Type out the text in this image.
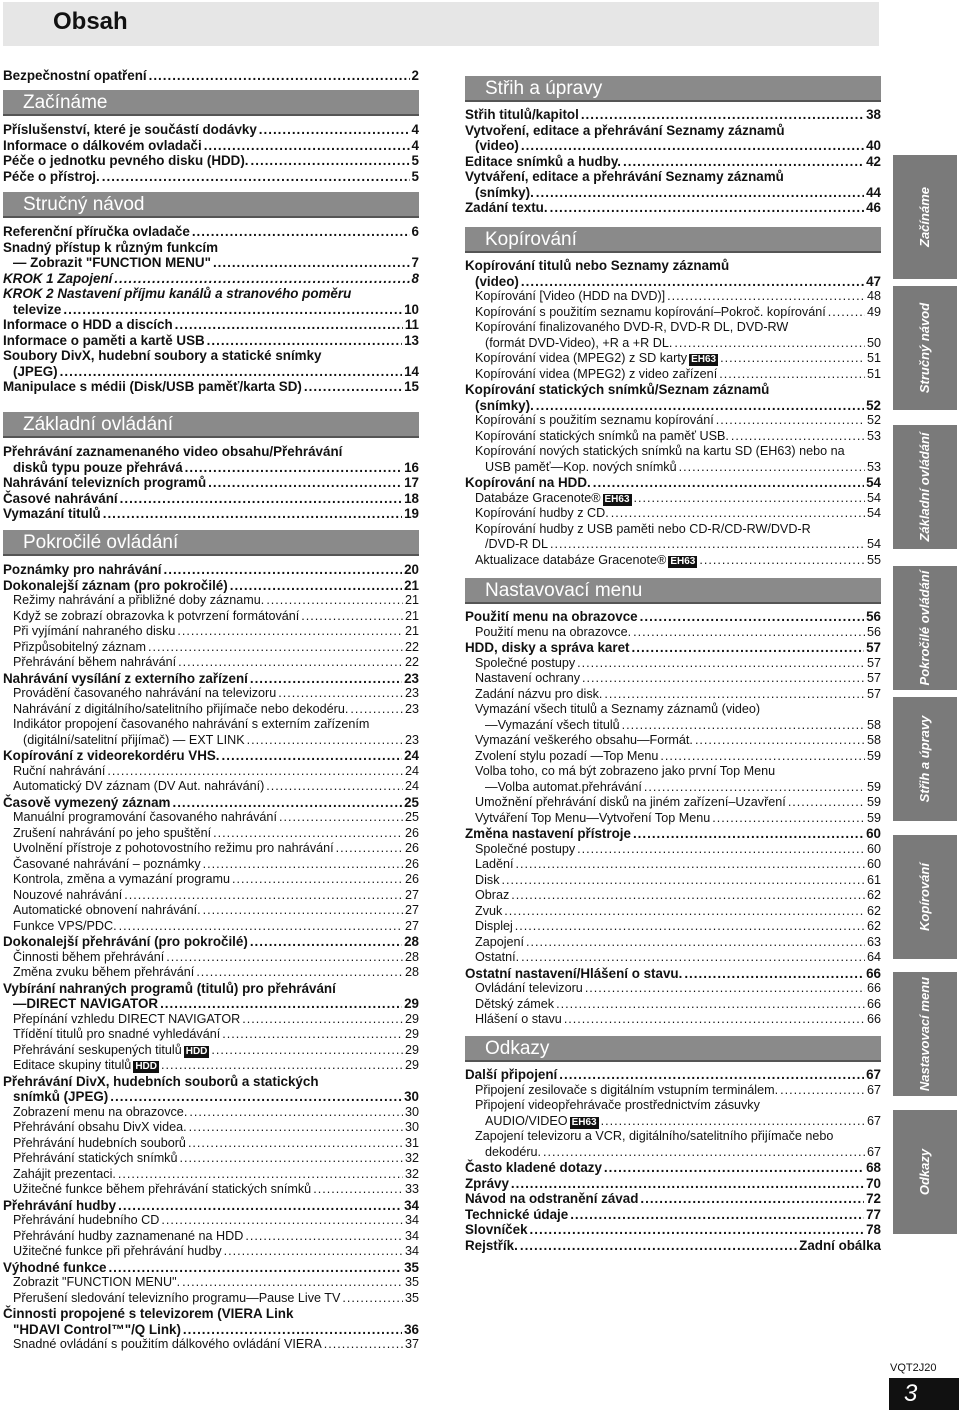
Obsah
Bezpečnostní opatření .....	2
Začínáme
Příslušenství, které je součástí dodávky .....	4
Informace o dálkovém ovladači .....	4
Péče o jednotku pevného disku (HDD). .....	5
Péče o přístroj. .....	5
Stručný návod
Referenční příručka ovladače .....	6
Snadný přístup k různým funkcím
— Zobrazit "FUNCTION MENU" .....	7
KROK 1 Zapojení .....	8
KROK 2 Nastavení příjmu kanálů a stranového poměru
televize .....	10
Informace o HDD a discích .....	11
Informace o paměti a kartě USB .....	13
Soubory DivX, hudební soubory a statické snímky
(JPEG) .....	14
Manipulace s médii (Disk/USB paměť/karta SD) .....	15
Základní ovládání
Přehrávání zaznamenaného video obsahu/Přehrávání
disků typu pouze přehrává .....	16
Nahrávání televizních programů .....	17
Časové nahrávání .....	18
Vymazání titulů .....	19
Pokročilé ovládání
Poznámky pro nahrávání .....	20
Dokonalejší záznam (pro pokročilé) .....	21
Režimy nahrávání a přibližné doby záznamu. .....	21
Když se zobrazí obrazovka k potvrzení formátování .....	21
Při vyjímání nahraného disku .....	21
Přizpůsobitelný záznam .....	22
Přehrávání během nahrávání .....	22
Nahrávání vysílání z externího zařízení .....	23
Provádění časovaného nahrávání na televizoru .....	23
Nahrávání z digitálního/satelitního přijímače nebo dekodéru. .....	23
Indikátor propojení časovaného nahrávání s externím zařízením
(digitální/satelitní přijímač) — EXT LINK .....	23
Kopírování z videorekordéru VHS. .....	24
Ruční nahrávání .....	24
Automatický DV záznam (DV Aut. nahrávání) .....	24
Časově vymezený záznam .....	25
Manuální programování časovaného nahrávání .....	25
Zrušení nahrávání po jeho spuštění .....	26
Uvolnění přístroje z pohotovostního režimu pro nahrávání .....	26
Časované nahrávání – poznámky .....	26
Kontrola, změna a vymazání programu .....	26
Nouzové nahrávání .....	27
Automatické obnovení nahrávání. .....	27
Funkce VPS/PDC. .....	27
Dokonalejší přehrávání (pro pokročilé) .....	28
Činnosti během přehrávání .....	28
Změna zvuku během přehrávání .....	28
Vybírání nahraných programů (titulů) pro přehrávání
—DIRECT NAVIGATOR .....	29
Přepínání vzhledu DIRECT NAVIGATOR .....	29
Třídění titulů pro snadné vyhledávání .....	29
Přehrávání seskupených titulů HDD .....	29
Editace skupiny titulů HDD .....	29
Přehrávání DivX, hudebních souborů a statických
snímků (JPEG) .....	30
Zobrazení menu na obrazovce. .....	30
Přehrávání obsahu DivX videa. .....	30
Přehrávání hudebních souborů .....	31
Přehrávání statických snímků .....	32
Zahájit prezentaci. .....	32
Užitečné funkce během přehrávání statických snímků .....	33
Přehrávání hudby .....	34
Přehrávání hudebního CD .....	34
Přehrávání hudby zaznamenané na HDD .....	34
Užitečné funkce při přehrávání hudby .....	34
Výhodné funkce .....	35
Zobrazit "FUNCTION MENU". .....	35
Přerušení sledování televizního programu—Pause Live TV .....	35
Činnosti propojené s televizorem (VIERA Link
"HDAVI Control™"/Q Link) .....	36
Snadné ovládání s použitím dálkového ovládání VIERA .....	37
Střih a úpravy
Střih titulů/kapitol .....	38
Vytvoření, editace a přehrávání Seznamy záznamů
(video) .....	40
Editace snímků a hudby. .....	42
Vytváření, editace a přehrávání Seznamy záznamů
(snímky). .....	44
Zadání textu. .....	46
Kopírování
Kopírování titulů nebo Seznamy záznamů
(video) .....	47
Kopírování [Video (HDD na DVD)] .....	48
Kopírování s použitím seznamu kopírování–Pokroč. kopírování .....	49
Kopírování finalizovaného DVD-R, DVD-R DL, DVD-RW
(formát DVD-Video), +R a +R DL. .....	50
Kopírování videa (MPEG2) z SD karty EH63 .....	51
Kopírování videa (MPEG2) z video zařízení .....	51
Kopírování statických snímků/Seznam záznamů
(snímky). .....	52
Kopírování s použitím seznamu kopírování .....	52
Kopírování statických snímků na paměť USB. .....	53
Kopírování nových statických snímků na kartu SD (EH63) nebo na
USB paměť—Kop. nových snímků .....	53
Kopírování na HDD. .....	54
Databáze Gracenote® EH63 .....	54
Kopírování hudby z CD. .....	54
Kopírování hudby z USB paměti nebo CD-R/CD-RW/DVD-R
/DVD-R DL .....	54
Aktualizace databáze Gracenote® EH63 .....	55
Nastavovací menu
Použití menu na obrazovce .....	56
Použití menu na obrazovce. .....	56
HDD, disky a správa karet .....	57
Společné postupy .....	57
Nastavení ochrany .....	57
Zadání názvu pro disk. .....	57
Vymazání všech titulů a Seznamy záznamů (video)
—Vymazání všech titulů .....	58
Vymazání veškerého obsahu—Formát. .....	58
Zvolení stylu pozadí —Top Menu .....	59
Volba toho, co má být zobrazeno jako první Top Menu
—Volba automat.přehrávání .....	59
Umožnění přehrávání disků na jiném zařízení–Uzavření .....	59
Vytváření Top Menu—Vytvoření Top Menu .....	59
Změna nastavení přístroje .....	60
Společné postupy .....	60
Ladění .....	60
Disk .....	61
Obraz .....	62
Zvuk .....	62
Displej .....	62
Zapojení .....	63
Ostatní. .....	64
Ostatní nastavení/Hlášení o stavu. .....	66
Ovládání televizoru .....	66
Dětský zámek .....	66
Hlášení o stavu .....	66
Odkazy
Další připojení .....	67
Připojení zesilovače s digitálním vstupním terminálem. .....	67
Připojení videopřehrávače prostřednictvím zásuvky
AUDIO/VIDEO EH63 .....	67
Zapojení televizoru a VCR, digitálního/satelitního přijímače nebo
dekodéru. .....	67
Často kladené dotazy .....	68
Zprávy .....	70
Návod na odstranění závad .....	72
Technické údaje .....	77
Slovníček .....	78
Rejstřík. .....	Zadní obálka
Začínáme
Stručný návod
Základní ovládání
Pokročilé ovládání
Střih a úpravy
Kopírování
Nastavovací menu
Odkazy
VQT2J20
3
